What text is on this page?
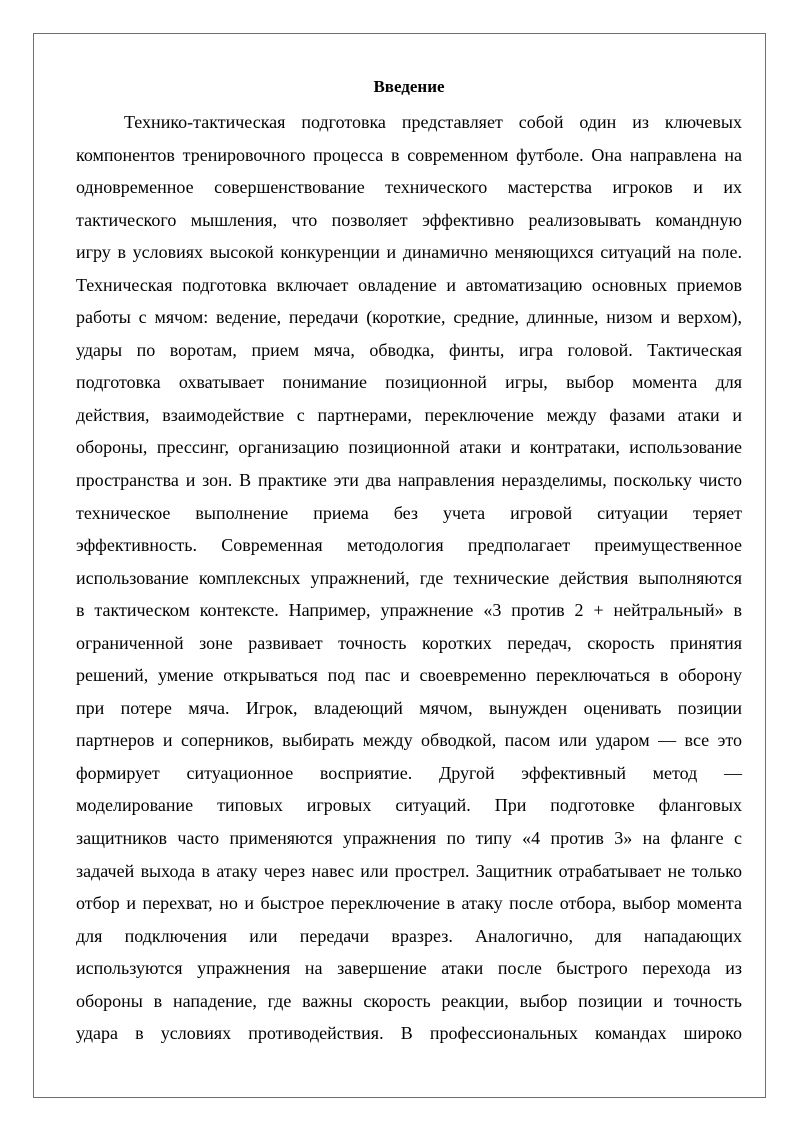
Введение
Технико-тактическая подготовка представляет собой один из ключевых
компонентов тренировочного процесса в современном футболе. Она направлена на
одновременное совершенствование технического мастерства игроков и их
тактического мышления, что позволяет эффективно реализовывать командную
игру в условиях высокой конкуренции и динамично меняющихся ситуаций на поле.
Техническая подготовка включает овладение и автоматизацию основных приемов
работы с мячом: ведение, передачи (короткие, средние, длинные, низом и верхом),
удары по воротам, прием мяча, обводка, финты, игра головой. Тактическая
подготовка охватывает понимание позиционной игры, выбор момента для
действия, взаимодействие с партнерами, переключение между фазами атаки и
обороны, прессинг, организацию позиционной атаки и контратаки, использование
пространства и зон. В практике эти два направления неразделимы, поскольку чисто
техническое выполнение приема без учета игровой ситуации теряет
эффективность. Современная методология предполагает преимущественное
использование комплексных упражнений, где технические действия выполняются
в тактическом контексте. Например, упражнение «3 против 2 + нейтральный» в
ограниченной зоне развивает точность коротких передач, скорость принятия
решений, умение открываться под пас и своевременно переключаться в оборону
при потере мяча. Игрок, владеющий мячом, вынужден оценивать позиции
партнеров и соперников, выбирать между обводкой, пасом или ударом — все это
формирует ситуационное восприятие. Другой эффективный метод —
моделирование типовых игровых ситуаций. При подготовке фланговых
защитников часто применяются упражнения по типу «4 против 3» на фланге с
задачей выхода в атаку через навес или прострел. Защитник отрабатывает не только
отбор и перехват, но и быстрое переключение в атаку после отбора, выбор момента
для подключения или передачи вразрез. Аналогично, для нападающих
используются упражнения на завершение атаки после быстрого перехода из
обороны в нападение, где важны скорость реакции, выбор позиции и точность
удара в условиях противодействия. В профессиональных командах широко
